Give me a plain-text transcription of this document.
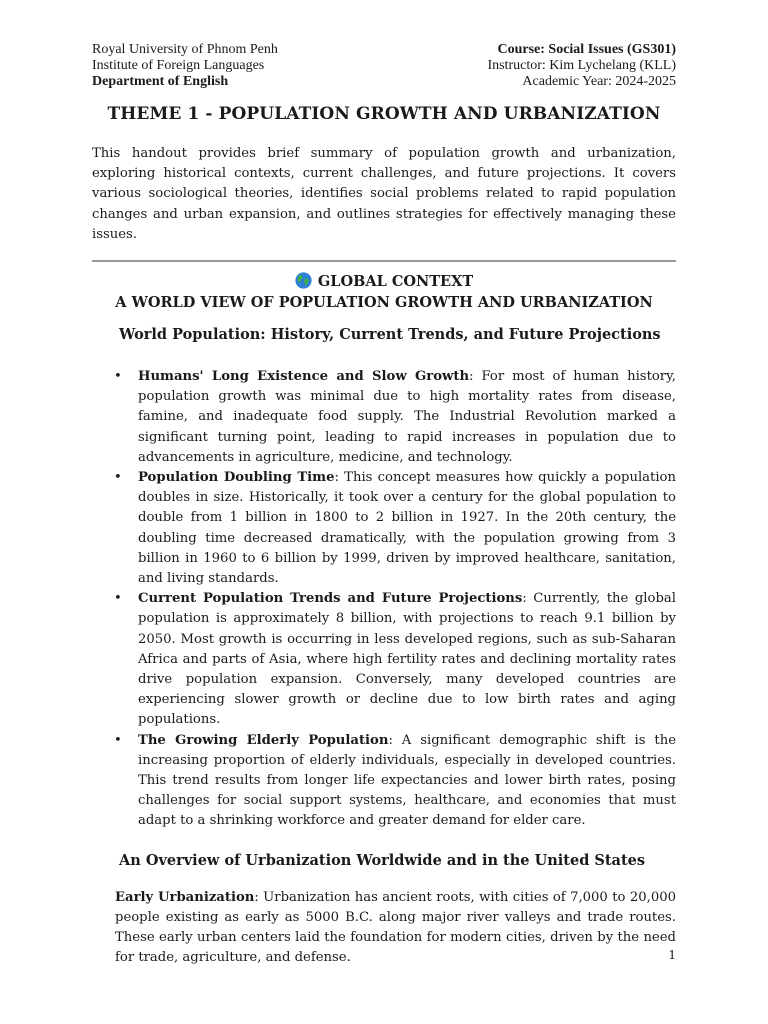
Royal University of Phnom Penh
Institute of Foreign Languages
Department of English
Course: Social Issues (GS301)
Instructor: Kim Lychelang (KLL)
Academic Year: 2024-2025
THEME 1 - POPULATION GROWTH AND URBANIZATION
This handout provides brief summary of population growth and urbanization, exploring historical contexts, current challenges, and future projections. It covers various sociological theories, identifies social problems related to rapid population changes and urban expansion, and outlines strategies for effectively managing these issues.
GLOBAL CONTEXT
A WORLD VIEW OF POPULATION GROWTH AND URBANIZATION
World Population: History, Current Trends, and Future Projections
• Humans' Long Existence and Slow Growth: For most of human history, population growth was minimal due to high mortality rates from disease, famine, and inadequate food supply. The Industrial Revolution marked a significant turning point, leading to rapid increases in population due to advancements in agriculture, medicine, and technology.
• Population Doubling Time: This concept measures how quickly a population doubles in size. Historically, it took over a century for the global population to double from 1 billion in 1800 to 2 billion in 1927. In the 20th century, the doubling time decreased dramatically, with the population growing from 3 billion in 1960 to 6 billion by 1999, driven by improved healthcare, sanitation, and living standards.
• Current Population Trends and Future Projections: Currently, the global population is approximately 8 billion, with projections to reach 9.1 billion by 2050. Most growth is occurring in less developed regions, such as sub-Saharan Africa and parts of Asia, where high fertility rates and declining mortality rates drive population expansion. Conversely, many developed countries are experiencing slower growth or decline due to low birth rates and aging populations.
• The Growing Elderly Population: A significant demographic shift is the increasing proportion of elderly individuals, especially in developed countries. This trend results from longer life expectancies and lower birth rates, posing challenges for social support systems, healthcare, and economies that must adapt to a shrinking workforce and greater demand for elder care.
An Overview of Urbanization Worldwide and in the United States
Early Urbanization: Urbanization has ancient roots, with cities of 7,000 to 20,000 people existing as early as 5000 B.C. along major river valleys and trade routes. These early urban centers laid the foundation for modern cities, driven by the need for trade, agriculture, and defense.	1
